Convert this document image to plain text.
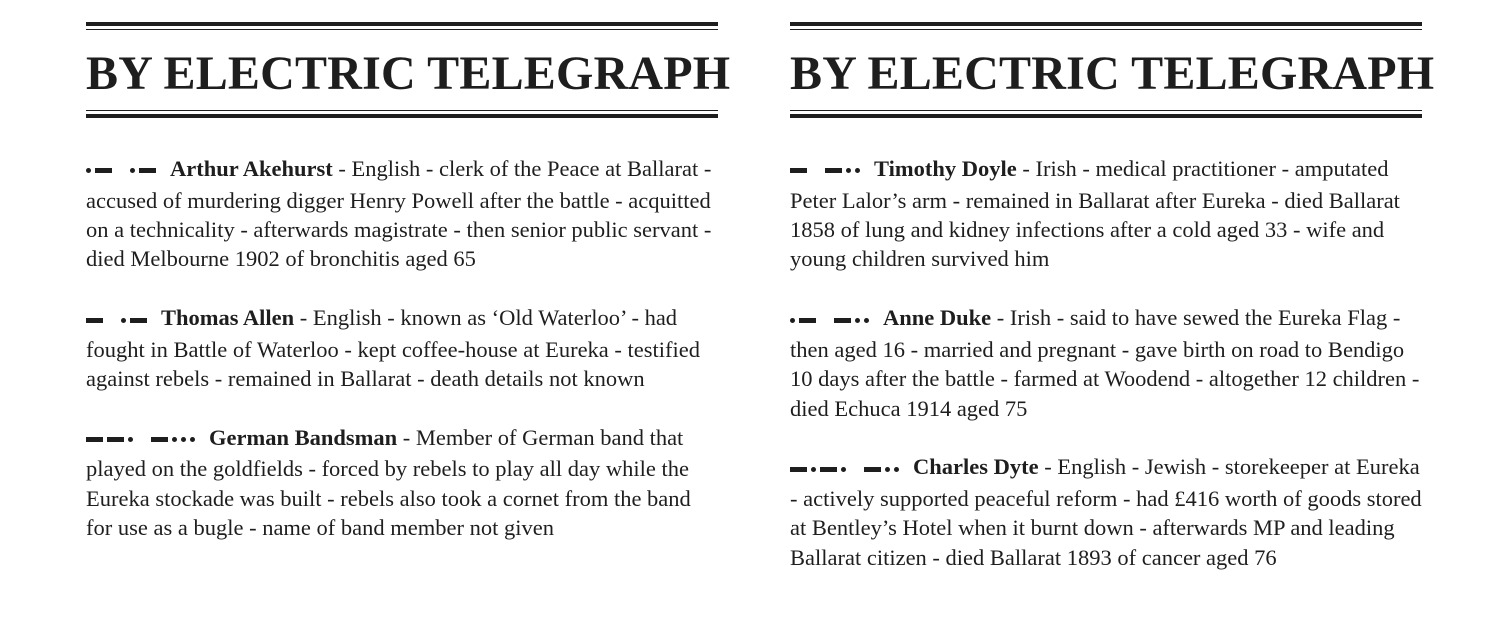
BY ELECTRIC TELEGRAPH

Arthur Akehurst - English - clerk of the Peace at Ballarat - accused of murdering digger Henry Powell after the battle - acquitted on a technicality - afterwards magistrate - then senior public servant - died Melbourne 1902 of bronchitis aged 65

Thomas Allen - English - known as ‘Old Waterloo’ - had fought in Battle of Waterloo - kept coffee-house at Eureka - testified against rebels - remained in Ballarat - death details not known

German Bandsman - Member of German band that played on the goldfields - forced by rebels to play all day while the Eureka stockade was built - rebels also took a cornet from the band for use as a bugle - name of band member not given

BY ELECTRIC TELEGRAPH

Timothy Doyle - Irish - medical practitioner - amputated Peter Lalor’s arm - remained in Ballarat after Eureka - died Ballarat 1858 of lung and kidney infections after a cold aged 33 - wife and young children survived him

Anne Duke - Irish - said to have sewed the Eureka Flag - then aged 16 - married and pregnant - gave birth on road to Bendigo 10 days after the battle - farmed at Woodend - altogether 12 children - died Echuca 1914 aged 75

Charles Dyte - English - Jewish - storekeeper at Eureka - actively supported peaceful reform - had £416 worth of goods stored at Bentley’s Hotel when it burnt down - afterwards MP and leading Ballarat citizen - died Ballarat 1893 of cancer aged 76
